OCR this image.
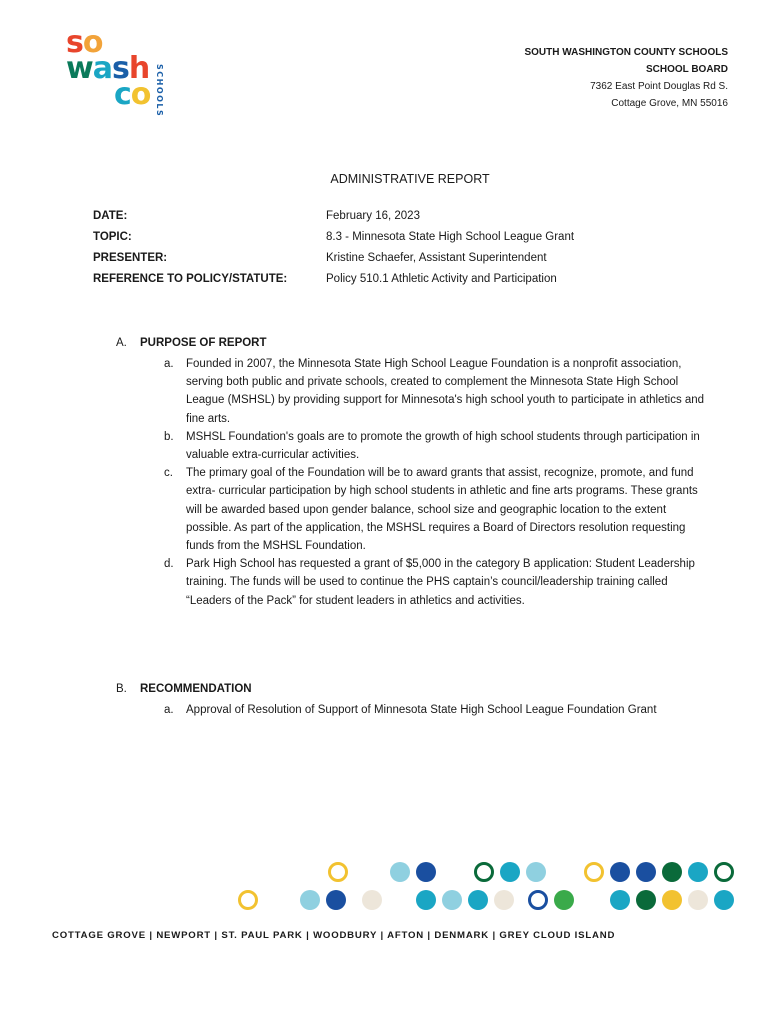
so
wash
co SCHOOLS
SOUTH WASHINGTON COUNTY SCHOOLS
SCHOOL BOARD
7362 East Point Douglas Rd S.
Cottage Grove, MN 55016
ADMINISTRATIVE REPORT
DATE:	February 16, 2023
TOPIC:	8.3 - Minnesota State High School League Grant
PRESENTER:	Kristine Schaefer, Assistant Superintendent
REFERENCE TO POLICY/STATUTE:	Policy 510.1 Athletic Activity and Participation
A. PURPOSE OF REPORT
a.	Founded in 2007, the Minnesota State High School League Foundation is a nonprofit association, serving both public and private schools, created to complement the Minnesota State High School League (MSHSL) by providing support for Minnesota's high school youth to participate in athletics and fine arts.
b.	MSHSL Foundation's goals are to promote the growth of high school students through participation in valuable extra-curricular activities.
c.	The primary goal of the Foundation will be to award grants that assist, recognize, promote, and fund extra- curricular participation by high school students in athletic and fine arts programs. These grants will be awarded based upon gender balance, school size and geographic location to the extent possible. As part of the application, the MSHSL requires a Board of Directors resolution requesting funds from the MSHSL Foundation.
d.	Park High School has requested a grant of $5,000 in the category B application: Student Leadership training. The funds will be used to continue the PHS captain’s council/leadership training called “Leaders of the Pack” for student leaders in athletics and activities.
B. RECOMMENDATION
a.	Approval of Resolution of Support of Minnesota State High School League Foundation Grant
COTTAGE GROVE | NEWPORT | ST. PAUL PARK | WOODBURY | AFTON | DENMARK | GREY CLOUD ISLAND
